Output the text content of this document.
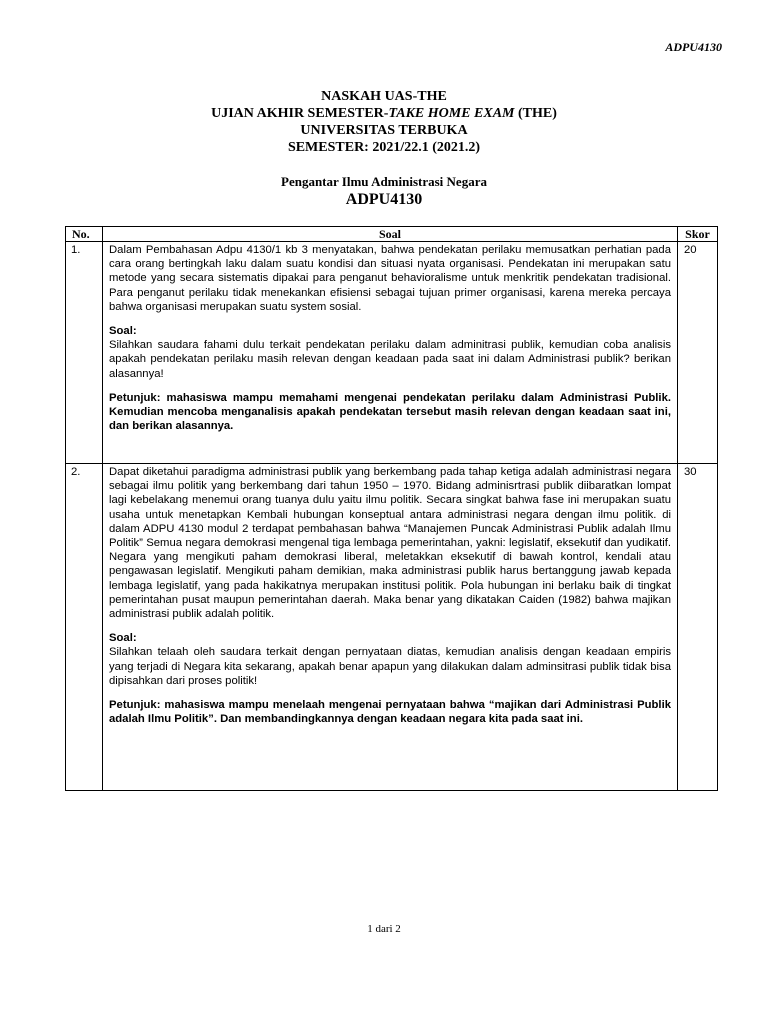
ADPU4130
NASKAH UAS-THE
UJIAN AKHIR SEMESTER-TAKE HOME EXAM (THE)
UNIVERSITAS TERBUKA
SEMESTER: 2021/22.1 (2021.2)
Pengantar Ilmu Administrasi Negara
ADPU4130
No.	Soal	Skor
1.	Dalam Pembahasan Adpu 4130/1 kb 3 menyatakan, bahwa pendekatan perilaku memusatkan perhatian pada cara orang bertingkah laku dalam suatu kondisi dan situasi nyata organisasi. Pendekatan ini merupakan satu metode yang secara sistematis dipakai para penganut behavioralisme untuk menkritik pendekatan tradisional. Para penganut perilaku tidak menekankan efisiensi sebagai tujuan primer organisasi, karena mereka percaya bahwa organisasi merupakan suatu system sosial.

Soal:

Silahkan saudara fahami dulu terkait pendekatan perilaku dalam adminitrasi publik, kemudian coba analisis apakah pendekatan perilaku masih relevan dengan keadaan pada saat ini dalam Administrasi publik? berikan alasannya!

Petunjuk: mahasiswa mampu memahami mengenai pendekatan perilaku dalam Administrasi Publik. Kemudian mencoba menganalisis apakah pendekatan tersebut masih relevan dengan keadaan saat ini, dan berikan alasannya.	20
2.	Dapat diketahui paradigma administrasi publik yang berkembang pada tahap ketiga adalah administrasi negara sebagai ilmu politik yang berkembang dari tahun 1950 – 1970. Bidang adminisrtrasi publik diibaratkan lompat lagi kebelakang menemui orang tuanya dulu yaitu ilmu politik. Secara singkat bahwa fase ini merupakan suatu usaha untuk menetapkan Kembali hubungan konseptual antara administrasi negara dengan ilmu politik. di dalam ADPU 4130 modul 2 terdapat pembahasan bahwa “Manajemen Puncak Administrasi Publik adalah Ilmu Politik” Semua negara demokrasi mengenal tiga lembaga pemerintahan, yakni: legislatif, eksekutif dan yudikatif. Negara yang mengikuti paham demokrasi liberal, meletakkan eksekutif di bawah kontrol, kendali atau pengawasan legislatif. Mengikuti paham demikian, maka administrasi publik harus bertanggung jawab kepada lembaga legislatif, yang pada hakikatnya merupakan institusi politik. Pola hubungan ini berlaku baik di tingkat pemerintahan pusat maupun pemerintahan daerah. Maka benar yang dikatakan Caiden (1982) bahwa majikan administrasi publik adalah politik.

Soal:

Silahkan telaah oleh saudara terkait dengan pernyataan diatas, kemudian analisis dengan keadaan empiris yang terjadi di Negara kita sekarang, apakah benar apapun yang dilakukan dalam adminsitrasi publik tidak bisa dipisahkan dari proses politik!

Petunjuk: mahasiswa mampu menelaah mengenai pernyataan bahwa “majikan dari Administrasi Publik adalah Ilmu Politik”. Dan membandingkannya dengan keadaan negara kita pada saat ini.	30
1 dari 2
